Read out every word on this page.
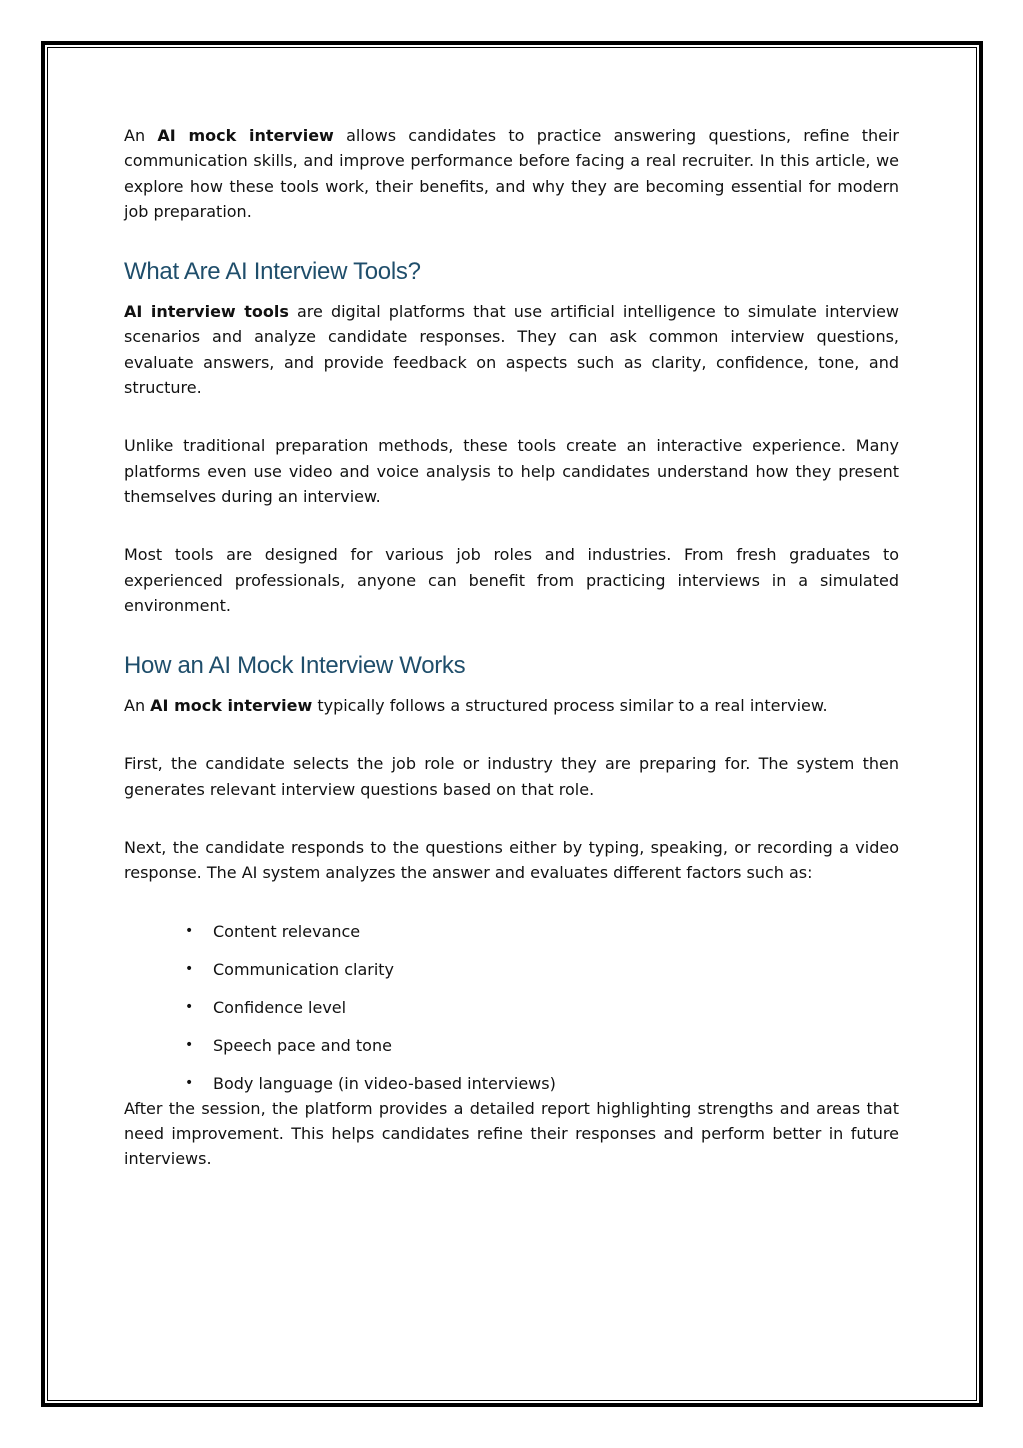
An AI mock interview allows candidates to practice answering questions, refine their communication skills, and improve performance before facing a real recruiter. In this article, we explore how these tools work, their benefits, and why they are becoming essential for modern job preparation.

What Are AI Interview Tools?

AI interview tools are digital platforms that use artificial intelligence to simulate interview scenarios and analyze candidate responses. They can ask common interview questions, evaluate answers, and provide feedback on aspects such as clarity, confidence, tone, and structure.

Unlike traditional preparation methods, these tools create an interactive experience. Many platforms even use video and voice analysis to help candidates understand how they present themselves during an interview.

Most tools are designed for various job roles and industries. From fresh graduates to experienced professionals, anyone can benefit from practicing interviews in a simulated environment.

How an AI Mock Interview Works

An AI mock interview typically follows a structured process similar to a real interview.

First, the candidate selects the job role or industry they are preparing for. The system then generates relevant interview questions based on that role.

Next, the candidate responds to the questions either by typing, speaking, or recording a video response. The AI system analyzes the answer and evaluates different factors such as:

• Content relevance
• Communication clarity
• Confidence level
• Speech pace and tone
• Body language (in video-based interviews)

After the session, the platform provides a detailed report highlighting strengths and areas that need improvement. This helps candidates refine their responses and perform better in future interviews.
